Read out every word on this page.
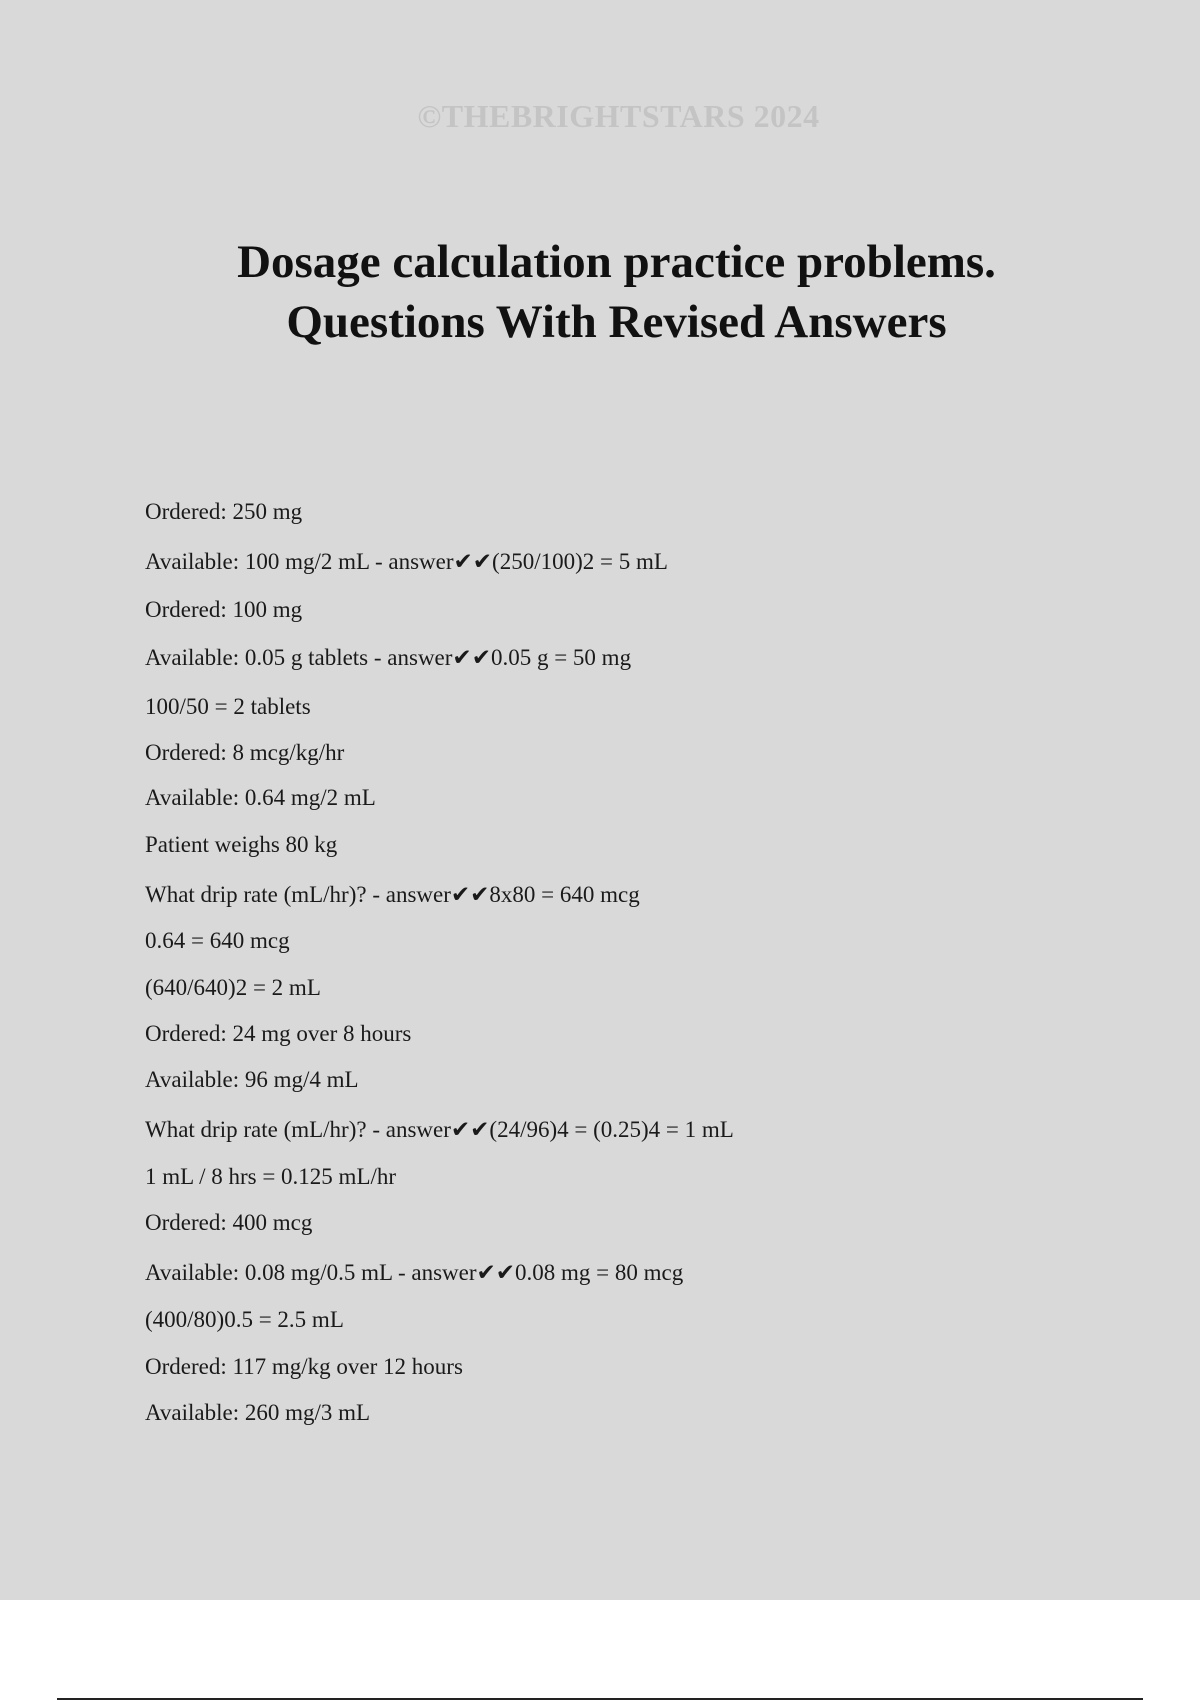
©THEBRIGHTSTARS 2024
Dosage calculation practice problems.
Questions With Revised Answers
Ordered: 250 mg
Available: 100 mg/2 mL - answer✔✔(250/100)2 = 5 mL
Ordered: 100 mg
Available: 0.05 g tablets - answer✔✔0.05 g = 50 mg
100/50 = 2 tablets
Ordered: 8 mcg/kg/hr
Available: 0.64 mg/2 mL
Patient weighs 80 kg
What drip rate (mL/hr)? - answer✔✔8x80 = 640 mcg
0.64 = 640 mcg
(640/640)2 = 2 mL
Ordered: 24 mg over 8 hours
Available: 96 mg/4 mL
What drip rate (mL/hr)? - answer✔✔(24/96)4 = (0.25)4 = 1 mL
1 mL / 8 hrs = 0.125 mL/hr
Ordered: 400 mcg
Available: 0.08 mg/0.5 mL - answer✔✔0.08 mg = 80 mcg
(400/80)0.5 = 2.5 mL
Ordered: 117 mg/kg over 12 hours
Available: 260 mg/3 mL
